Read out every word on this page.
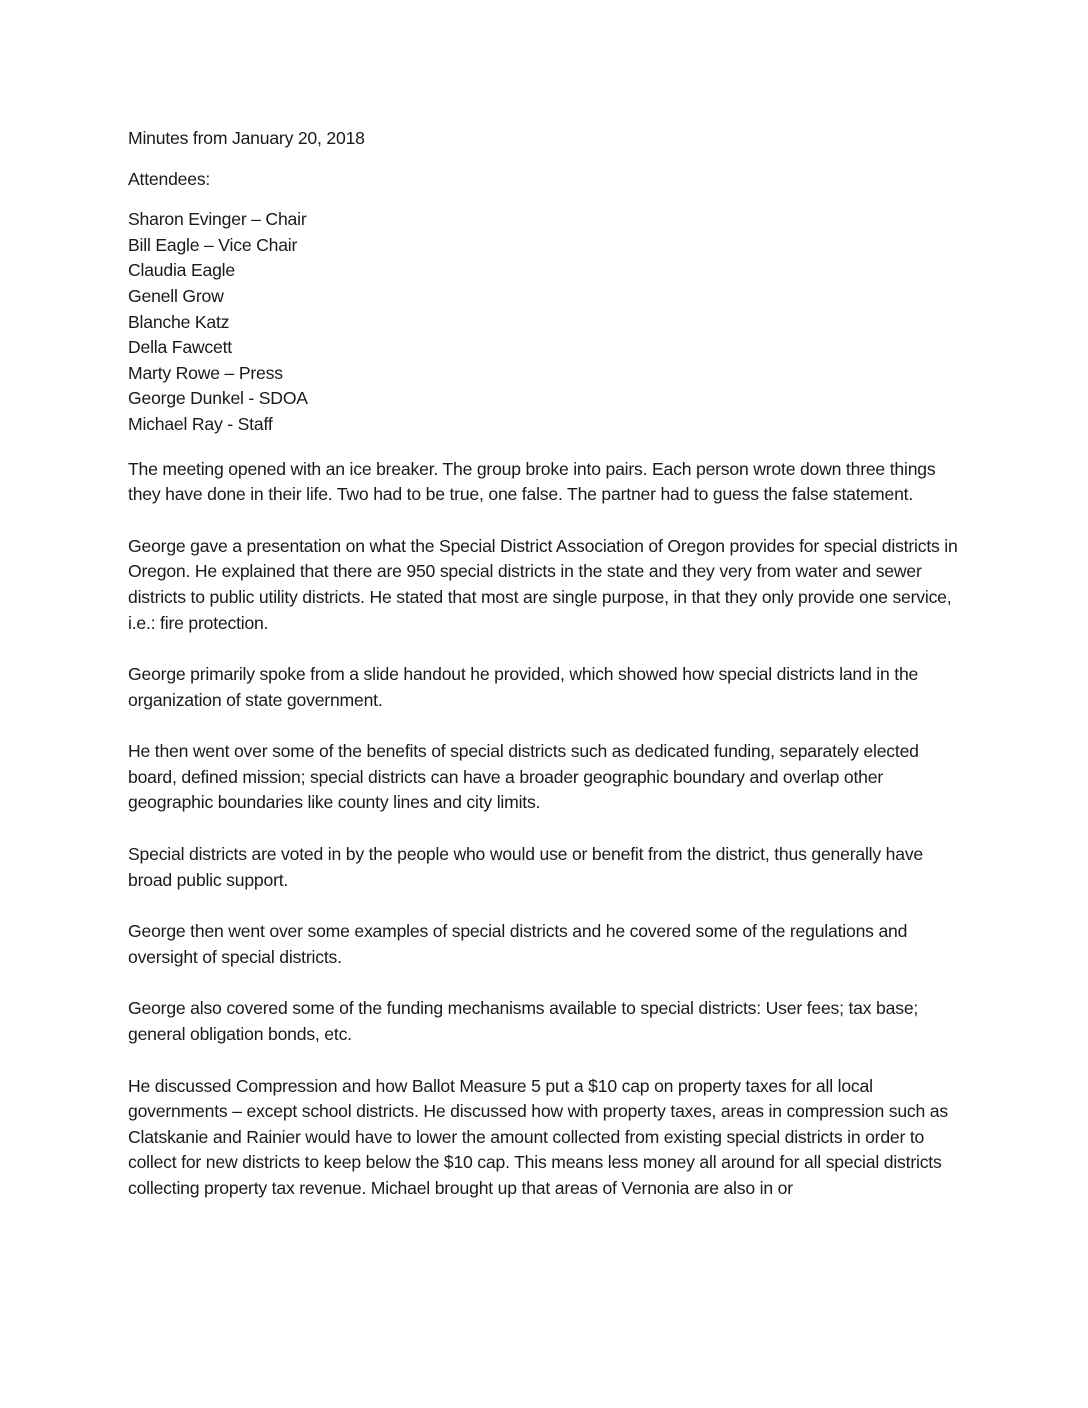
Minutes from January 20, 2018

Attendees:

Sharon Evinger – Chair
Bill Eagle – Vice Chair
Claudia Eagle
Genell Grow
Blanche Katz
Della Fawcett
Marty Rowe – Press
George Dunkel - SDOA
Michael Ray - Staff

The meeting opened with an ice breaker. The group broke into pairs. Each person wrote down three things they have done in their life. Two had to be true, one false. The partner had to guess the false statement.

George gave a presentation on what the Special District Association of Oregon provides for special districts in Oregon. He explained that there are 950 special districts in the state and they very from water and sewer districts to public utility districts. He stated that most are single purpose, in that they only provide one service, i.e.: fire protection.

George primarily spoke from a slide handout he provided, which showed how special districts land in the organization of state government.

He then went over some of the benefits of special districts such as dedicated funding, separately elected board, defined mission; special districts can have a broader geographic boundary and overlap other geographic boundaries like county lines and city limits.

Special districts are voted in by the people who would use or benefit from the district, thus generally have broad public support.

George then went over some examples of special districts and he covered some of the regulations and oversight of special districts.

George also covered some of the funding mechanisms available to special districts: User fees; tax base; general obligation bonds, etc.

He discussed Compression and how Ballot Measure 5 put a $10 cap on property taxes for all local governments – except school districts. He discussed how with property taxes, areas in compression such as Clatskanie and Rainier would have to lower the amount collected from existing special districts in order to collect for new districts to keep below the $10 cap. This means less money all around for all special districts collecting property tax revenue. Michael brought up that areas of Vernonia are also in or
